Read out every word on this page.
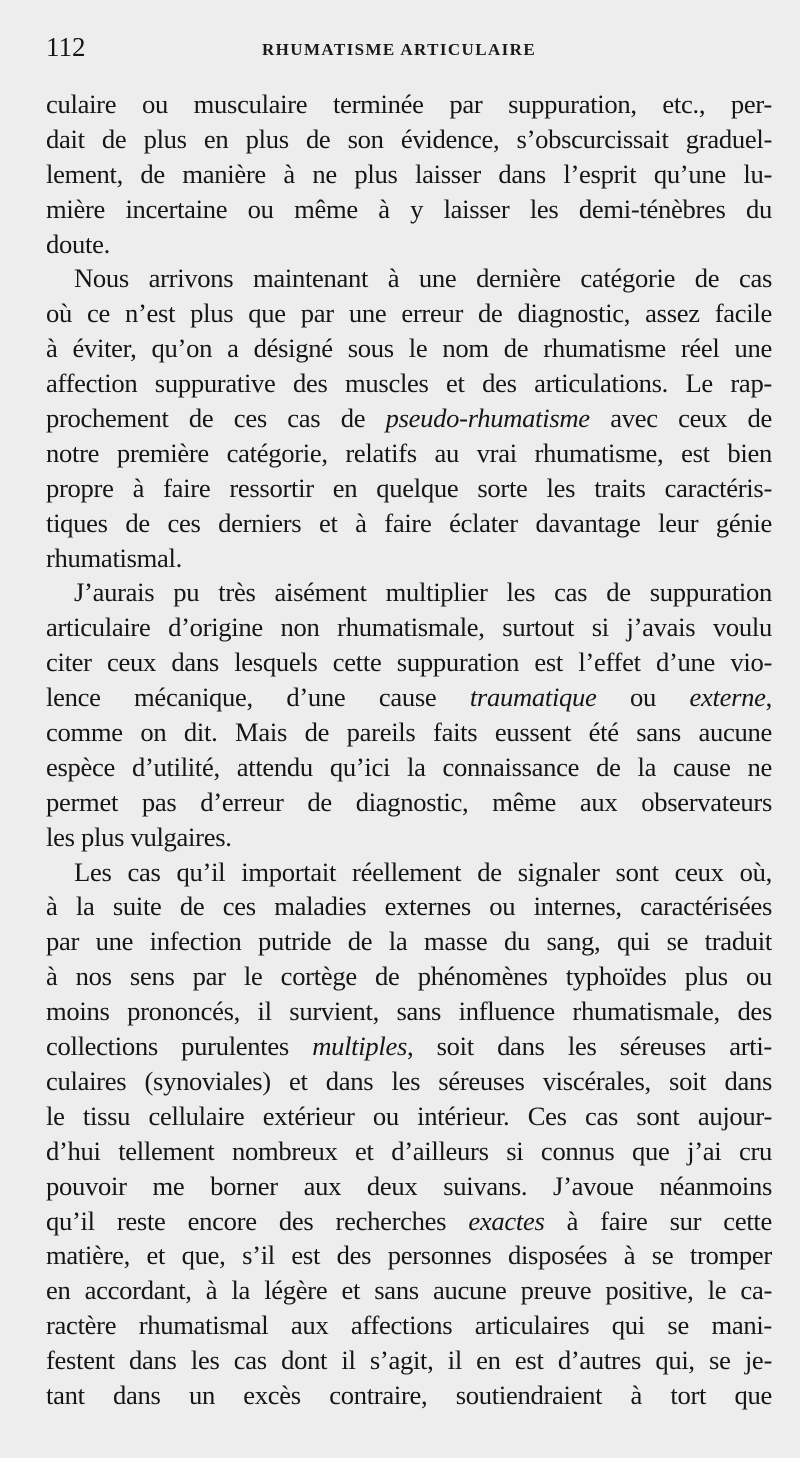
112	RHUMATISME ARTICULAIRE
culaire ou musculaire terminée par suppuration, etc., per-
dait de plus en plus de son évidence, s’obscurcissait graduel-
lement, de manière à ne plus laisser dans l’esprit qu’une lu-
mière incertaine ou même à y laisser les demi-ténèbres du
doute.
Nous arrivons maintenant à une dernière catégorie de cas
où ce n’est plus que par une erreur de diagnostic, assez facile
à éviter, qu’on a désigné sous le nom de rhumatisme réel une
affection suppurative des muscles et des articulations. Le rap-
prochement de ces cas de pseudo-rhumatisme avec ceux de
notre première catégorie, relatifs au vrai rhumatisme, est bien
propre à faire ressortir en quelque sorte les traits caractéris-
tiques de ces derniers et à faire éclater davantage leur génie
rhumatismal.
J’aurais pu très aisément multiplier les cas de suppuration
articulaire d’origine non rhumatismale, surtout si j’avais voulu
citer ceux dans lesquels cette suppuration est l’effet d’une vio-
lence mécanique, d’une cause traumatique ou externe,
comme on dit. Mais de pareils faits eussent été sans aucune
espèce d’utilité, attendu qu’ici la connaissance de la cause ne
permet pas d’erreur de diagnostic, même aux observateurs
les plus vulgaires.
Les cas qu’il importait réellement de signaler sont ceux où,
à la suite de ces maladies externes ou internes, caractérisées
par une infection putride de la masse du sang, qui se traduit
à nos sens par le cortège de phénomènes typhoïdes plus ou
moins prononcés, il survient, sans influence rhumatismale, des
collections purulentes multiples, soit dans les séreuses arti-
culaires (synoviales) et dans les séreuses viscérales, soit dans
le tissu cellulaire extérieur ou intérieur. Ces cas sont aujour-
d’hui tellement nombreux et d’ailleurs si connus que j’ai cru
pouvoir me borner aux deux suivans. J’avoue néanmoins
qu’il reste encore des recherches exactes à faire sur cette
matière, et que, s’il est des personnes disposées à se tromper
en accordant, à la légère et sans aucune preuve positive, le ca-
ractère rhumatismal aux affections articulaires qui se mani-
festent dans les cas dont il s’agit, il en est d’autres qui, se je-
tant dans un excès contraire, soutiendraient à tort que
